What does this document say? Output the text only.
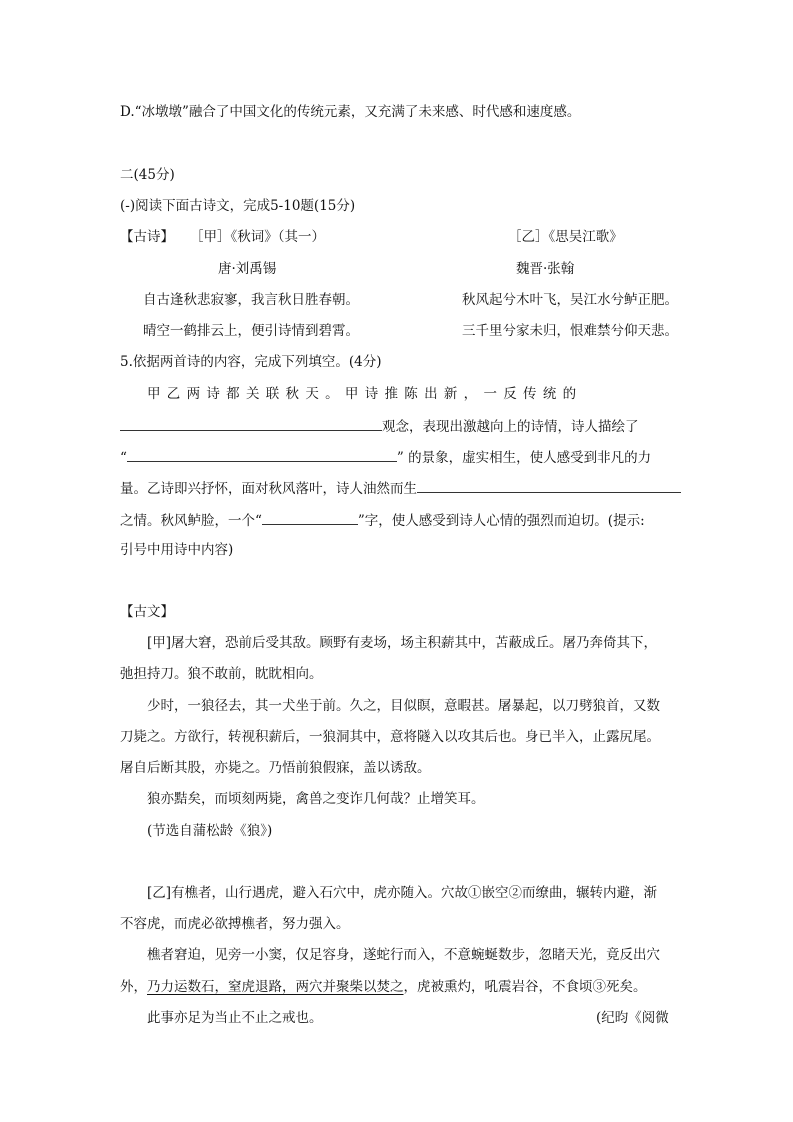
D.“冰墩墩”融合了中国文化的传统元素，又充满了未来感、时代感和速度感。
二(45分)
(-)阅读下面古诗文，完成5-10题(15分)
【古诗】 ［甲］《秋词》（其一）	［乙］《思吴江歌》
唐·刘禹锡	魏晋·张翰
自古逢秋悲寂寥，我言秋日胜春朝。	秋风起兮木叶飞，吴江水兮鲈正肥。
晴空一鹤排云上，便引诗情到碧霄。	三千里兮家未归，恨难禁兮仰天悲。
5.依据两首诗的内容，完成下列填空。(4分)
甲 乙 两 诗 都 关 联 秋 天 。 甲 诗 推 陈 出 新 ， 一 反 传 统 的
观念，表现出激越向上的诗情，诗人描绘了
“	” 的景象，虚实相生，使人感受到非凡的力
量。乙诗即兴抒怀，面对秋风落叶，诗人油然而生
之情。秋风鲈脸，一个“	”字，使人感受到诗人心情的强烈而迫切。(提示:
引号中用诗中内容)
【古文】
[甲]屠大窘，恐前后受其敌。顾野有麦场，场主积薪其中，苫蔽成丘。屠乃奔倚其下，
弛担持刀。狼不敢前，眈眈相向。
少时，一狼径去，其一犬坐于前。久之，目似瞑，意暇甚。屠暴起，以刀劈狼首，又数
刀毙之。方欲行，转视积薪后，一狼洞其中，意将隧入以攻其后也。身已半入，止露尻尾。
屠自后断其股，亦毙之。乃悟前狼假寐，盖以诱敌。
狼亦黠矣，而顷刻两毙，禽兽之变诈几何哉？止增笑耳。
(节选自蒲松龄《狼》)
[乙]有樵者，山行遇虎，避入石穴中，虎亦随入。穴故①嵌空②而缭曲，辗转内避，渐
不容虎，而虎必欲搏樵者，努力强入。
樵者窘迫，见旁一小窦，仅足容身，遂蛇行而入，不意蜿蜒数步，忽睹天光，竟反出穴
外，乃力运数石，窒虎退路，两穴并聚柴以焚之，虎被熏灼，吼震岩谷，不食顷③死矣。
此事亦足为当止不止之戒也。	(纪昀《阅微
